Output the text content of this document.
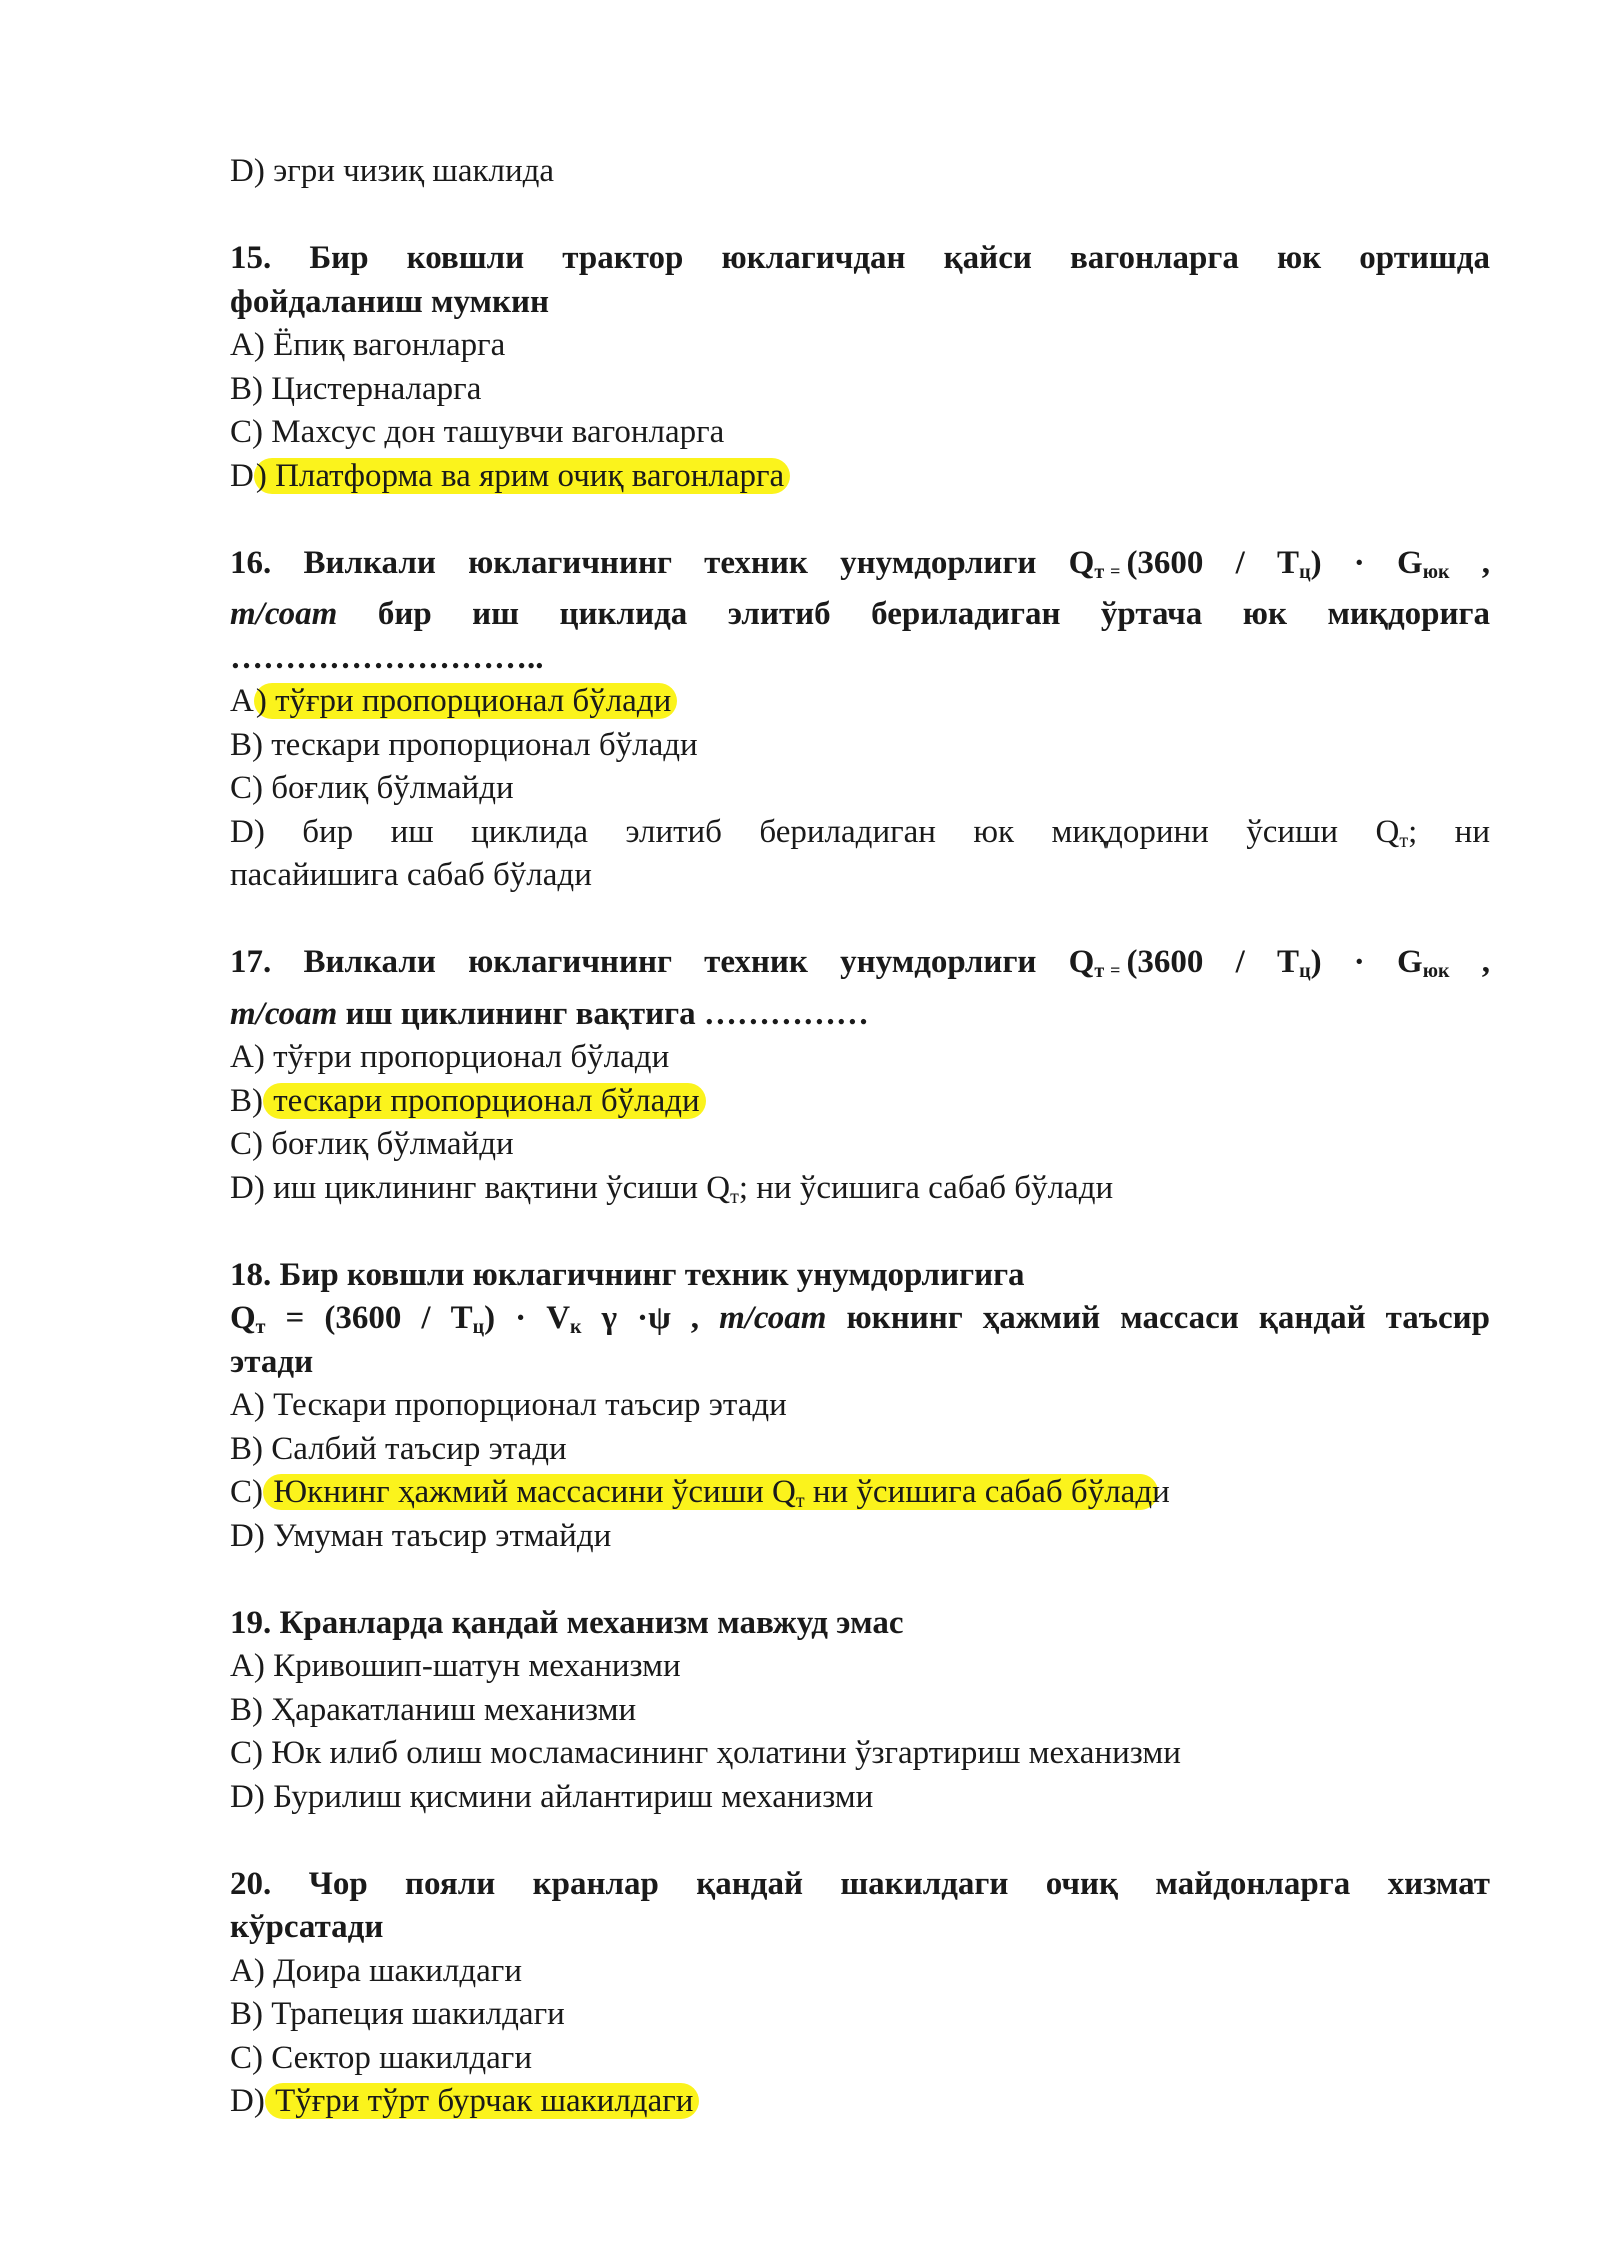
D) эгри чизиқ шаклида

15. Бир ковшли трактор юклагичдан қайси вагонларга юк ортишда

фойдаланиш мумкин

A) Ёпиқ вагонларга

B) Цистерналарга

C) Махсус дон ташувчи вагонларга

D) Платформа ва ярим очиқ вагонларга

16. Вилкали юклагичнинг техник унумдорлиги $Q_т = (3600 / T_ц) \cdot G_{юк}$ ,

т/соат бир иш циклида элитиб бериладиган ўртача юк миқдорига

………………………..

A) тўғри пропорционал бўлади

B) тескари пропорционал бўлади

C) боғлиқ бўлмайди

D) бир иш циклида элитиб бериладиган юк миқдорини ўсиши $Q_т$; ни

пасайишига сабаб бўлади

17. Вилкали юклагичнинг техник унумдорлиги $Q_т = (3600 / T_ц) \cdot G_{юк}$ ,

т/соат иш циклининг вақтига ……………

A) тўғри пропорционал бўлади

B) тескари пропорционал бўлади

C) боғлиқ бўлмайди

D) иш циклининг вақтини ўсиши $Q_т$; ни ўсишига сабаб бўлади

18. Бир ковшли юклагичнинг техник унумдорлигига

$Q_т = (3600 / T_ц) \cdot V_к$ γ ·ψ , т/соат юкнинг ҳажмий массаси қандай таъсир

этади

A) Тескари пропорционал таъсир этади

B) Салбий таъсир этади

C) Юкнинг ҳажмий массасини ўсиши $Q_т$ ни ўсишига сабаб бўлади

D) Умуман таъсир этмайди

19. Кранларда қандай механизм мавжуд эмас

A) Кривошип-шатун механизми

B) Ҳаракатланиш механизми

C) Юк илиб олиш мосламасининг ҳолатини ўзгартириш механизми

D) Бурилиш қисмини айлантириш механизми

20. Чор пояли кранлар қандай шакилдаги очиқ майдонларга хизмат

кўрсатади

A) Доира шакилдаги

B) Трапеция шакилдаги

C) Сектор шакилдаги

D) Тўғри тўрт бурчак шакилдаги
